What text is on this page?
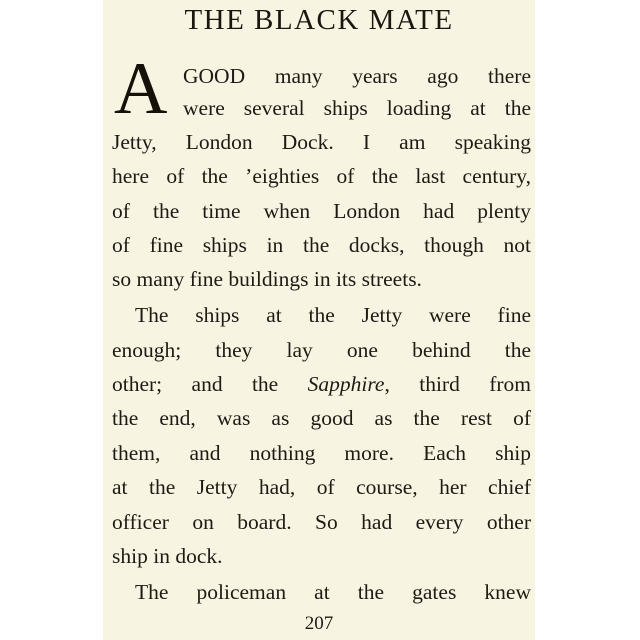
THE BLACK MATE
A GOOD many years ago there
were several ships loading at the
Jetty, London Dock. I am speaking
here of the ’eighties of the last century,
of the time when London had plenty
of fine ships in the docks, though not
so many fine buildings in its streets.
The ships at the Jetty were fine
enough; they lay one behind the
other; and the Sapphire, third from
the end, was as good as the rest of
them, and nothing more. Each ship
at the Jetty had, of course, her chief
officer on board. So had every other
ship in dock.
The policeman at the gates knew
207
